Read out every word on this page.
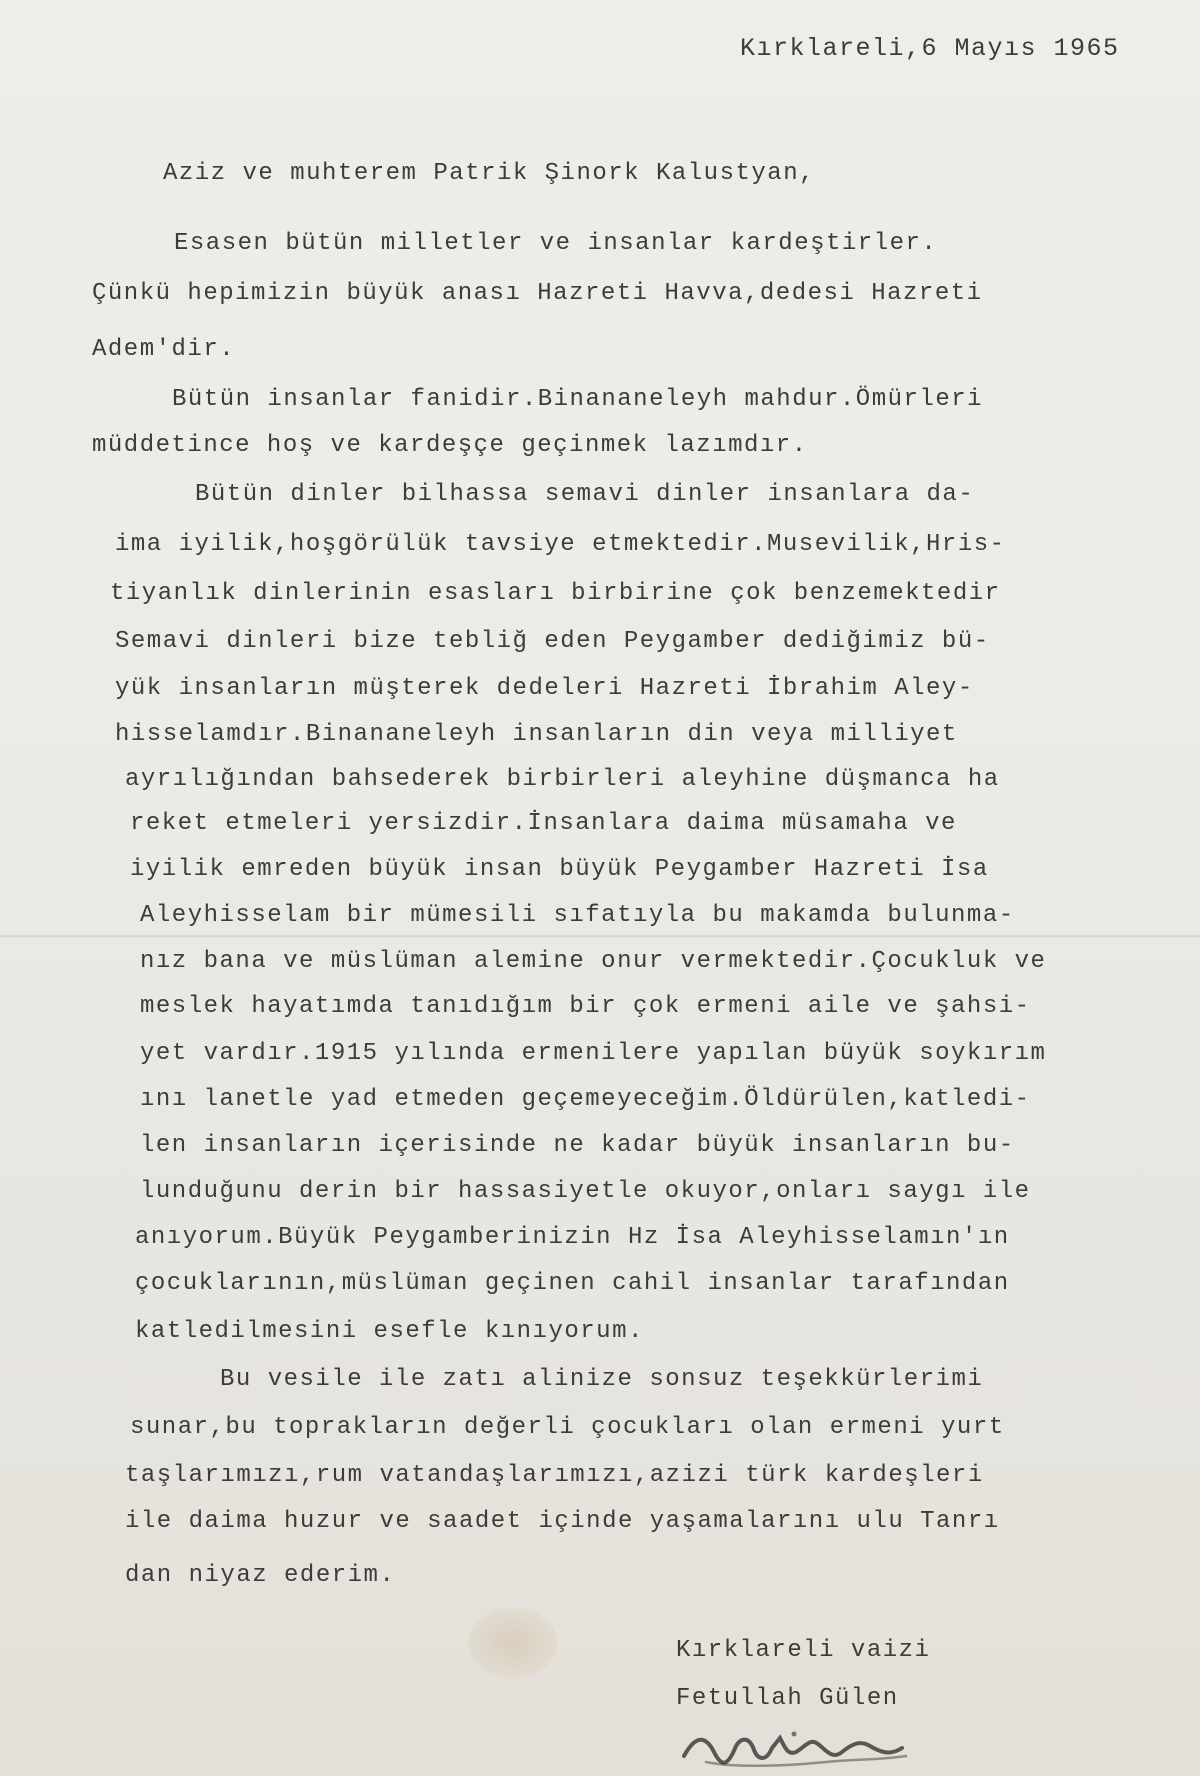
Kırklareli,6 Mayıs 1965

Aziz ve muhterem Patrik Şinork Kalustyan,

Esasen bütün milletler ve insanlar kardeştirler.

Çünkü hepimizin büyük anası Hazreti Havva,dedesi Hazreti

Adem'dir.

Bütün insanlar fanidir.Binananeleyh mahdur.Ömürleri

müddetince hoş ve kardeşçe geçinmek lazımdır.

Bütün dinler bilhassa semavi dinler insanlara da-

ima iyilik,hoşgörülük tavsiye etmektedir.Musevilik,Hris-

tiyanlık dinlerinin esasları birbirine çok benzemektedir

Semavi dinleri bize tebliğ eden Peygamber dediğimiz bü-

yük insanların müşterek dedeleri Hazreti İbrahim Aley-

hisselamdır.Binananeleyh insanların din veya milliyet

ayrılığından bahsederek birbirleri aleyhine düşmanca ha

reket etmeleri yersizdir.İnsanlara daima müsamaha ve

iyilik emreden büyük insan büyük Peygamber Hazreti İsa

Aleyhisselam bir mümesili sıfatıyla bu makamda bulunma-

nız bana ve müslüman alemine onur vermektedir.Çocukluk ve

meslek hayatımda tanıdığım bir çok ermeni aile ve şahsi-

yet vardır.1915 yılında ermenilere yapılan büyük soykırım

ını lanetle yad etmeden geçemeyeceğim.Öldürülen,katledi-

len insanların içerisinde ne kadar büyük insanların bu-

lunduğunu derin bir hassasiyetle okuyor,onları saygı ile

anıyorum.Büyük Peygamberinizin Hz İsa Aleyhisselamın'ın

çocuklarının,müslüman geçinen cahil insanlar tarafından

katledilmesini esefle kınıyorum.

Bu vesile ile zatı alinize sonsuz teşekkürlerimi

sunar,bu toprakların değerli çocukları olan ermeni yurt

taşlarımızı,rum vatandaşlarımızı,azizi türk kardeşleri

ile daima huzur ve saadet içinde yaşamalarını ulu Tanrı

dan niyaz ederim.

Kırklareli vaizi

Fetullah Gülen
